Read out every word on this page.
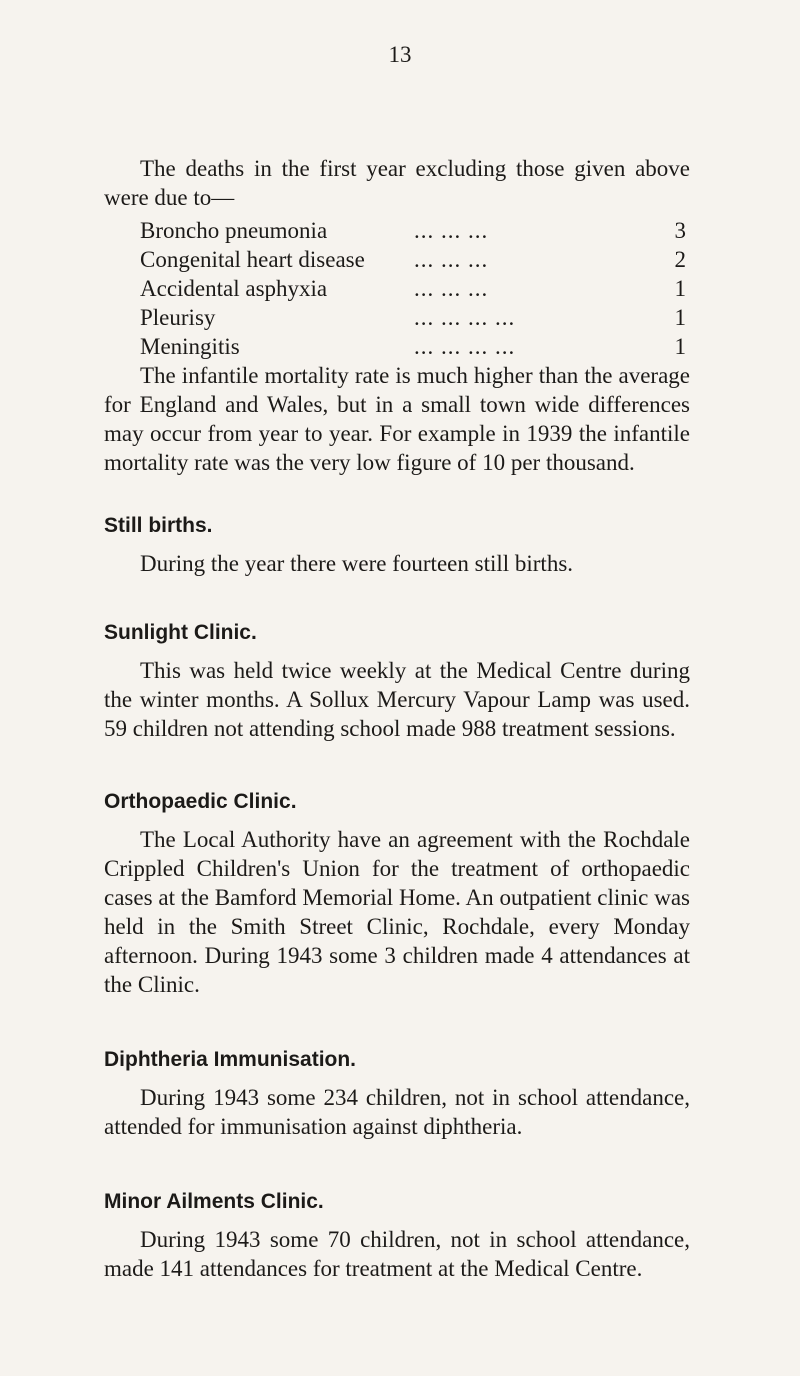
13

The deaths in the first year excluding those given above were due to—

Broncho pneumonia	... ... ...	3
Congenital heart disease ... ... ...	2
Accidental asphyxia	... ... ...	1
Pleurisy	... ... ... ...	1
Meningitis	... ... ... ...	1

The infantile mortality rate is much higher than the average for England and Wales, but in a small town wide differences may occur from year to year. For example in 1939 the infantile mortality rate was the very low figure of 10 per thousand.

Still births.

During the year there were fourteen still births.

Sunlight Clinic.

This was held twice weekly at the Medical Centre during the winter months. A Sollux Mercury Vapour Lamp was used. 59 children not attending school made 988 treatment sessions.

Orthopaedic Clinic.

The Local Authority have an agreement with the Rochdale Crippled Children's Union for the treatment of orthopaedic cases at the Bamford Memorial Home. An outpatient clinic was held in the Smith Street Clinic, Rochdale, every Monday afternoon. During 1943 some 3 children made 4 attendances at the Clinic.

Diphtheria Immunisation.

During 1943 some 234 children, not in school attendance, attended for immunisation against diphtheria.

Minor Ailments Clinic.

During 1943 some 70 children, not in school attendance, made 141 attendances for treatment at the Medical Centre.
